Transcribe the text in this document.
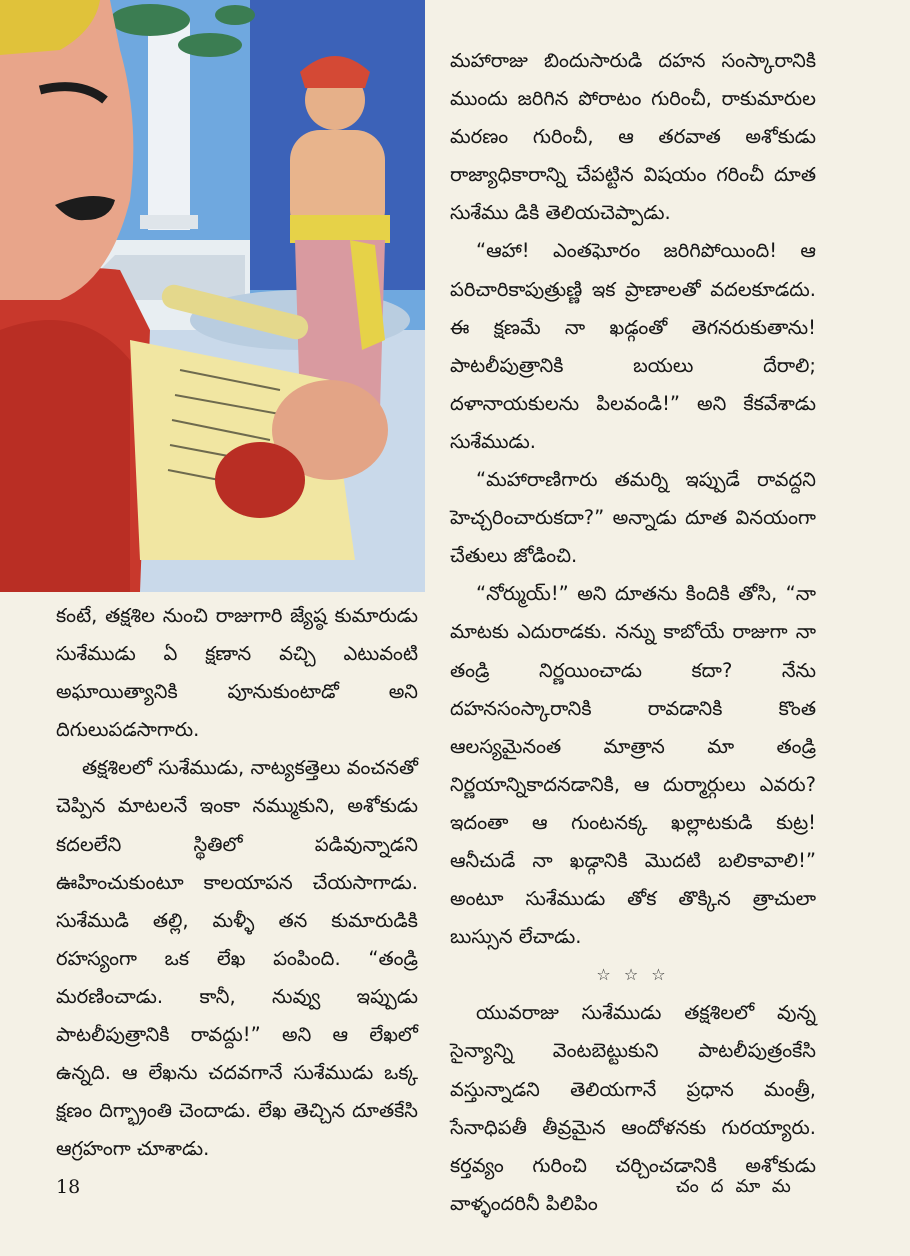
మహారాజు బిందుసారుడి దహన సంస్కారానికి ముందు జరిగిన పోరాటం గురించీ, రాకుమారుల మరణం గురించీ, ఆ తరవాత అశోకుడు రాజ్యాధికారాన్ని చేపట్టిన విషయం గరించీ దూత సుశేము డికి తెలియచెప్పాడు.

“ఆహా! ఎంతఘోరం జరిగిపోయింది! ఆ పరిచారికాపుత్రుణ్ణి ఇక ప్రాణాలతో వదలకూడదు. ఈ క్షణమే నా ఖడ్గంతో తెగనరుకుతాను! పాటలీపుత్రానికి బయలు దేరాలి; దళానాయకులను పిలవండి!” అని కేకవేశాడు సుశేముడు.

“మహారాణిగారు తమర్ని ఇప్పుడే రావద్దని హెచ్చరించారుకదా?” అన్నాడు దూత వినయంగా చేతులు జోడించి.

“నోర్ముయ్!” అని దూతను కిందికి తోసి, “నా మాటకు ఎదురాడకు. నన్ను కాబోయే రాజుగా నా తండ్రి నిర్ణయించాడు కదా? నేను దహనసంస్కారానికి రావడానికి కొంత ఆలస్యమైనంత మాత్రాన మా తండ్రి నిర్ణయాన్నికాదనడానికి, ఆ దుర్మార్గులు ఎవరు? ఇదంతా ఆ గుంటనక్క ఖల్లాటకుడి కుట్ర! ఆనీచుడే నా ఖడ్గానికి మొదటి బలికావాలి!” అంటూ సుశేముడు తోక తొక్కిన త్రాచులా బుస్సున లేచాడు.

☆ ☆ ☆

యువరాజు సుశేముడు తక్షశిలలో వున్న సైన్యాన్ని వెంటబెట్టుకుని పాటలీపుత్రంకేసి వస్తున్నాడని తెలియగానే ప్రధాన మంత్రీ, సేనాధిపతీ తీవ్రమైన ఆందోళనకు గురయ్యారు. కర్తవ్యం గురించి చర్చించడానికి అశోకుడు వాళ్ళందరినీ పిలిపిం

కంటే, తక్షశిల నుంచి రాజుగారి జ్యేష్ఠ కుమారుడు సుశేముడు ఏ క్షణాన వచ్చి ఎటువంటి అఘాయిత్యానికి పూనుకుంటాడో అని దిగులుపడసాగారు.

తక్షశిలలో సుశేముడు, నాట్యకత్తెలు వంచనతో చెప్పిన మాటలనే ఇంకా నమ్ముకుని, అశోకుడు కదలలేని స్థితిలో పడివున్నాడని ఊహించుకుంటూ కాలయాపన చేయసాగాడు. సుశేముడి తల్లి, మళ్ళీ తన కుమారుడికి రహస్యంగా ఒక లేఖ పంపింది. “తండ్రి మరణించాడు. కానీ, నువ్వు ఇప్పుడు పాటలీపుత్రానికి రావద్దు!” అని ఆ లేఖలో ఉన్నది. ఆ లేఖను చదవగానే సుశేముడు ఒక్క క్షణం దిగ్భ్రాంతి చెందాడు. లేఖ తెచ్చిన దూతకేసి ఆగ్రహంగా చూశాడు.

18	చందమామ
